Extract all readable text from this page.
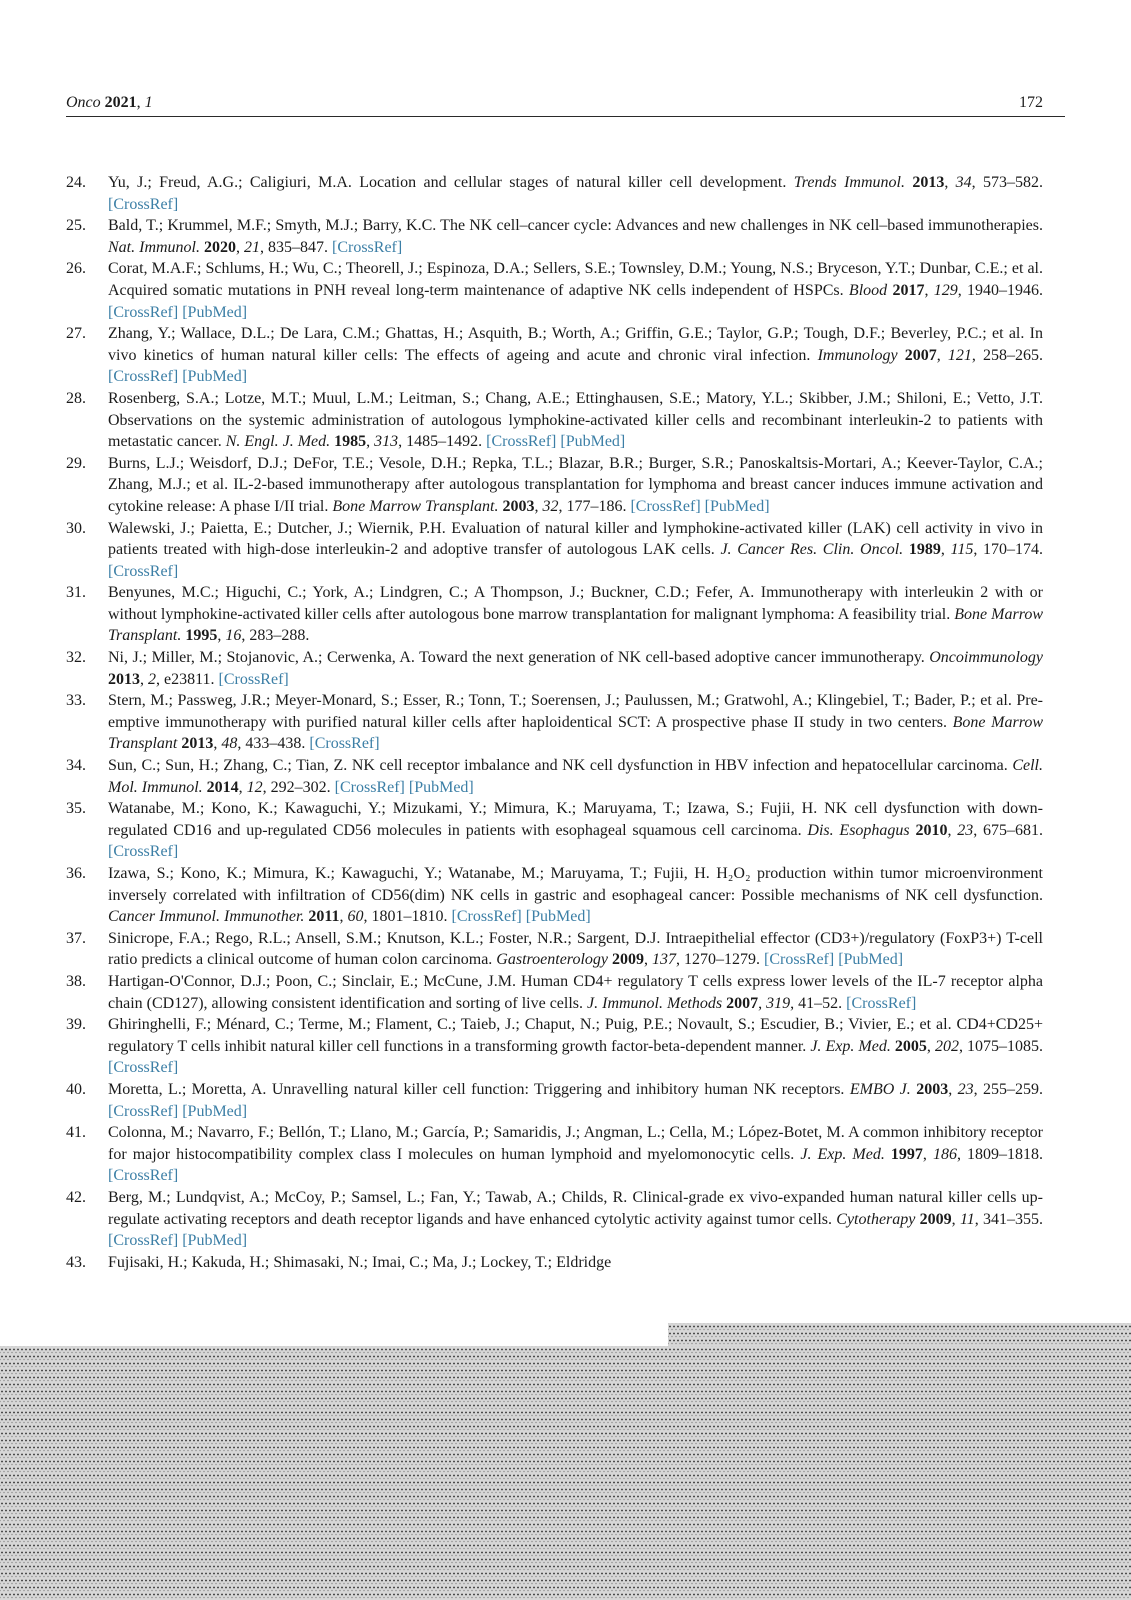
Onco 2021, 1	172
24. Yu, J.; Freud, A.G.; Caligiuri, M.A. Location and cellular stages of natural killer cell development. Trends Immunol. 2013, 34, 573–582. [CrossRef]
25. Bald, T.; Krummel, M.F.; Smyth, M.J.; Barry, K.C. The NK cell–cancer cycle: Advances and new challenges in NK cell–based immunotherapies. Nat. Immunol. 2020, 21, 835–847. [CrossRef]
26. Corat, M.A.F.; Schlums, H.; Wu, C.; Theorell, J.; Espinoza, D.A.; Sellers, S.E.; Townsley, D.M.; Young, N.S.; Bryceson, Y.T.; Dunbar, C.E.; et al. Acquired somatic mutations in PNH reveal long-term maintenance of adaptive NK cells independent of HSPCs. Blood 2017, 129, 1940–1946. [CrossRef] [PubMed]
27. Zhang, Y.; Wallace, D.L.; De Lara, C.M.; Ghattas, H.; Asquith, B.; Worth, A.; Griffin, G.E.; Taylor, G.P.; Tough, D.F.; Beverley, P.C.; et al. In vivo kinetics of human natural killer cells: The effects of ageing and acute and chronic viral infection. Immunology 2007, 121, 258–265. [CrossRef] [PubMed]
28. Rosenberg, S.A.; Lotze, M.T.; Muul, L.M.; Leitman, S.; Chang, A.E.; Ettinghausen, S.E.; Matory, Y.L.; Skibber, J.M.; Shiloni, E.; Vetto, J.T. Observations on the systemic administration of autologous lymphokine-activated killer cells and recombinant interleukin-2 to patients with metastatic cancer. N. Engl. J. Med. 1985, 313, 1485–1492. [CrossRef] [PubMed]
29. Burns, L.J.; Weisdorf, D.J.; DeFor, T.E.; Vesole, D.H.; Repka, T.L.; Blazar, B.R.; Burger, S.R.; Panoskaltsis-Mortari, A.; Keever-Taylor, C.A.; Zhang, M.J.; et al. IL-2-based immunotherapy after autologous transplantation for lymphoma and breast cancer induces immune activation and cytokine release: A phase I/II trial. Bone Marrow Transplant. 2003, 32, 177–186. [CrossRef] [PubMed]
30. Walewski, J.; Paietta, E.; Dutcher, J.; Wiernik, P.H. Evaluation of natural killer and lymphokine-activated killer (LAK) cell activity in vivo in patients treated with high-dose interleukin-2 and adoptive transfer of autologous LAK cells. J. Cancer Res. Clin. Oncol. 1989, 115, 170–174. [CrossRef]
31. Benyunes, M.C.; Higuchi, C.; York, A.; Lindgren, C.; A Thompson, J.; Buckner, C.D.; Fefer, A. Immunotherapy with interleukin 2 with or without lymphokine-activated killer cells after autologous bone marrow transplantation for malignant lymphoma: A feasibility trial. Bone Marrow Transplant. 1995, 16, 283–288.
32. Ni, J.; Miller, M.; Stojanovic, A.; Cerwenka, A. Toward the next generation of NK cell-based adoptive cancer immunotherapy. Oncoimmunology 2013, 2, e23811. [CrossRef]
33. Stern, M.; Passweg, J.R.; Meyer-Monard, S.; Esser, R.; Tonn, T.; Soerensen, J.; Paulussen, M.; Gratwohl, A.; Klingebiel, T.; Bader, P.; et al. Pre-emptive immunotherapy with purified natural killer cells after haploidentical SCT: A prospective phase II study in two centers. Bone Marrow Transplant 2013, 48, 433–438. [CrossRef]
34. Sun, C.; Sun, H.; Zhang, C.; Tian, Z. NK cell receptor imbalance and NK cell dysfunction in HBV infection and hepatocellular carcinoma. Cell. Mol. Immunol. 2014, 12, 292–302. [CrossRef] [PubMed]
35. Watanabe, M.; Kono, K.; Kawaguchi, Y.; Mizukami, Y.; Mimura, K.; Maruyama, T.; Izawa, S.; Fujii, H. NK cell dysfunction with down-regulated CD16 and up-regulated CD56 molecules in patients with esophageal squamous cell carcinoma. Dis. Esophagus 2010, 23, 675–681. [CrossRef]
36. Izawa, S.; Kono, K.; Mimura, K.; Kawaguchi, Y.; Watanabe, M.; Maruyama, T.; Fujii, H. H₂O₂ production within tumor microenvironment inversely correlated with infiltration of CD56(dim) NK cells in gastric and esophageal cancer: Possible mechanisms of NK cell dysfunction. Cancer Immunol. Immunother. 2011, 60, 1801–1810. [CrossRef] [PubMed]
37. Sinicrope, F.A.; Rego, R.L.; Ansell, S.M.; Knutson, K.L.; Foster, N.R.; Sargent, D.J. Intraepithelial effector (CD3+)/regulatory (FoxP3+) T-cell ratio predicts a clinical outcome of human colon carcinoma. Gastroenterology 2009, 137, 1270–1279. [CrossRef] [PubMed]
38. Hartigan-O'Connor, D.J.; Poon, C.; Sinclair, E.; McCune, J.M. Human CD4+ regulatory T cells express lower levels of the IL-7 receptor alpha chain (CD127), allowing consistent identification and sorting of live cells. J. Immunol. Methods 2007, 319, 41–52. [CrossRef]
39. Ghiringhelli, F.; Ménard, C.; Terme, M.; Flament, C.; Taieb, J.; Chaput, N.; Puig, P.E.; Novault, S.; Escudier, B.; Vivier, E.; et al. CD4+CD25+ regulatory T cells inhibit natural killer cell functions in a transforming growth factor-beta-dependent manner. J. Exp. Med. 2005, 202, 1075–1085. [CrossRef]
40. Moretta, L.; Moretta, A. Unravelling natural killer cell function: Triggering and inhibitory human NK receptors. EMBO J. 2003, 23, 255–259. [CrossRef] [PubMed]
41. Colonna, M.; Navarro, F.; Bellón, T.; Llano, M.; García, P.; Samaridis, J.; Angman, L.; Cella, M.; López-Botet, M. A common inhibitory receptor for major histocompatibility complex class I molecules on human lymphoid and myelomonocytic cells. J. Exp. Med. 1997, 186, 1809–1818. [CrossRef]
42. Berg, M.; Lundqvist, A.; McCoy, P.; Samsel, L.; Fan, Y.; Tawab, A.; Childs, R. Clinical-grade ex vivo-expanded human natural killer cells up-regulate activating receptors and death receptor ligands and have enhanced cytolytic activity against tumor cells. Cytotherapy 2009, 11, 341–355. [CrossRef] [PubMed]
43. Fujisaki, H.; Kakuda, H.; Shimasaki, N.; Imai, C.; Ma, J.; Lockey, T.; Eldridge
